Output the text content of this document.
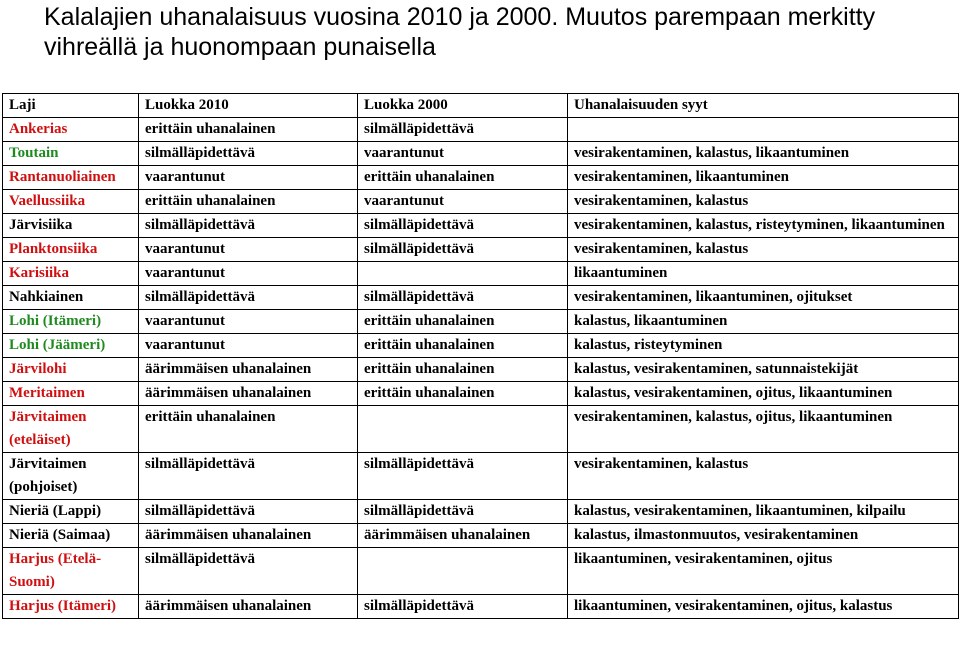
Kalalajien uhanalaisuus vuosina 2010 ja 2000. Muutos parempaan merkitty vihreällä ja huonompaan punaisella
Laji	Luokka 2010	Luokka 2000	Uhanalaisuuden syyt
Ankerias	erittäin uhanalainen	silmälläpidettävä	
Toutain	silmälläpidettävä	vaarantunut	vesirakentaminen, kalastus, likaantuminen
Rantanuoliainen	vaarantunut	erittäin uhanalainen	vesirakentaminen, likaantuminen
Vaellussiika	erittäin uhanalainen	vaarantunut	vesirakentaminen, kalastus
Järvisiika	silmälläpidettävä	silmälläpidettävä	vesirakentaminen, kalastus, risteytyminen, likaantuminen
Planktonsiika	vaarantunut	silmälläpidettävä	vesirakentaminen, kalastus
Karisiika	vaarantunut		likaantuminen
Nahkiainen	silmälläpidettävä	silmälläpidettävä	vesirakentaminen, likaantuminen, ojitukset
Lohi (Itämeri)	vaarantunut	erittäin uhanalainen	kalastus, likaantuminen
Lohi (Jäämeri)	vaarantunut	erittäin uhanalainen	kalastus, risteytyminen
Järvilohi	äärimmäisen uhanalainen	erittäin uhanalainen	kalastus, vesirakentaminen, satunnaistekijät
Meritaimen	äärimmäisen uhanalainen	erittäin uhanalainen	kalastus, vesirakentaminen, ojitus, likaantuminen
Järvitaimen (eteläiset)	erittäin uhanalainen		vesirakentaminen, kalastus, ojitus, likaantuminen
Järvitaimen (pohjoiset)	silmälläpidettävä	silmälläpidettävä	vesirakentaminen, kalastus
Nieriä (Lappi)	silmälläpidettävä	silmälläpidettävä	kalastus, vesirakentaminen, likaantuminen, kilpailu
Nieriä (Saimaa)	äärimmäisen uhanalainen	äärimmäisen uhanalainen	kalastus, ilmastonmuutos, vesirakentaminen
Harjus (Etelä-Suomi)	silmälläpidettävä		likaantuminen, vesirakentaminen, ojitus
Harjus (Itämeri)	äärimmäisen uhanalainen	silmälläpidettävä	likaantuminen, vesirakentaminen, ojitus, kalastus
